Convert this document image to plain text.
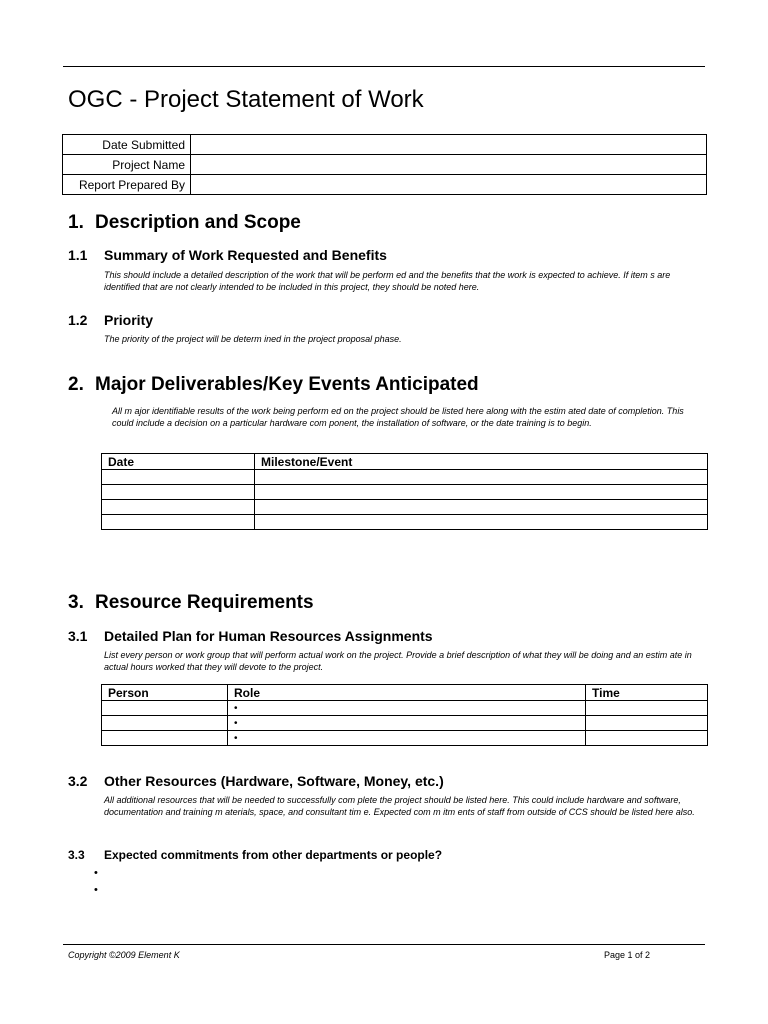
OGC - Project Statement of Work
Date Submitted	
Project Name	
Report Prepared By	
1. Description and Scope
1.1 Summary of Work Requested and Benefits
This should include a detailed description of the work that will be perform ed and the benefits that the work is expected to achieve. If item s are identified that are not clearly intended to be included in this project, they should be noted here.
1.2 Priority
The priority of the project will be determ ined in the project proposal phase.
2. Major Deliverables/Key Events Anticipated
All m ajor identifiable results of the work being perform ed on the project should be listed here along with the estim ated date of completion. This could include a decision on a particular hardware com ponent, the installation of software, or the date training is to begin.
Date	Milestone/Event

3. Resource Requirements
3.1 Detailed Plan for Human Resources Assignments
List every person or work group that will perform actual work on the project. Provide a brief description of what they will be doing and an estim ate in actual hours worked that they will devote to the project.
Person	Role	Time
	•	
	•	
	•	
3.2 Other Resources (Hardware, Software, Money, etc.)
All additional resources that will be needed to successfully com plete the project should be listed here. This could include hardware and software, documentation and training m aterials, space, and consultant tim e. Expected com m itm ents of staff from outside of CCS should be listed here also.
3.3 Expected commitments from other departments or people?
•
•
Copyright ©2009 Element K	Page 1 of 2
